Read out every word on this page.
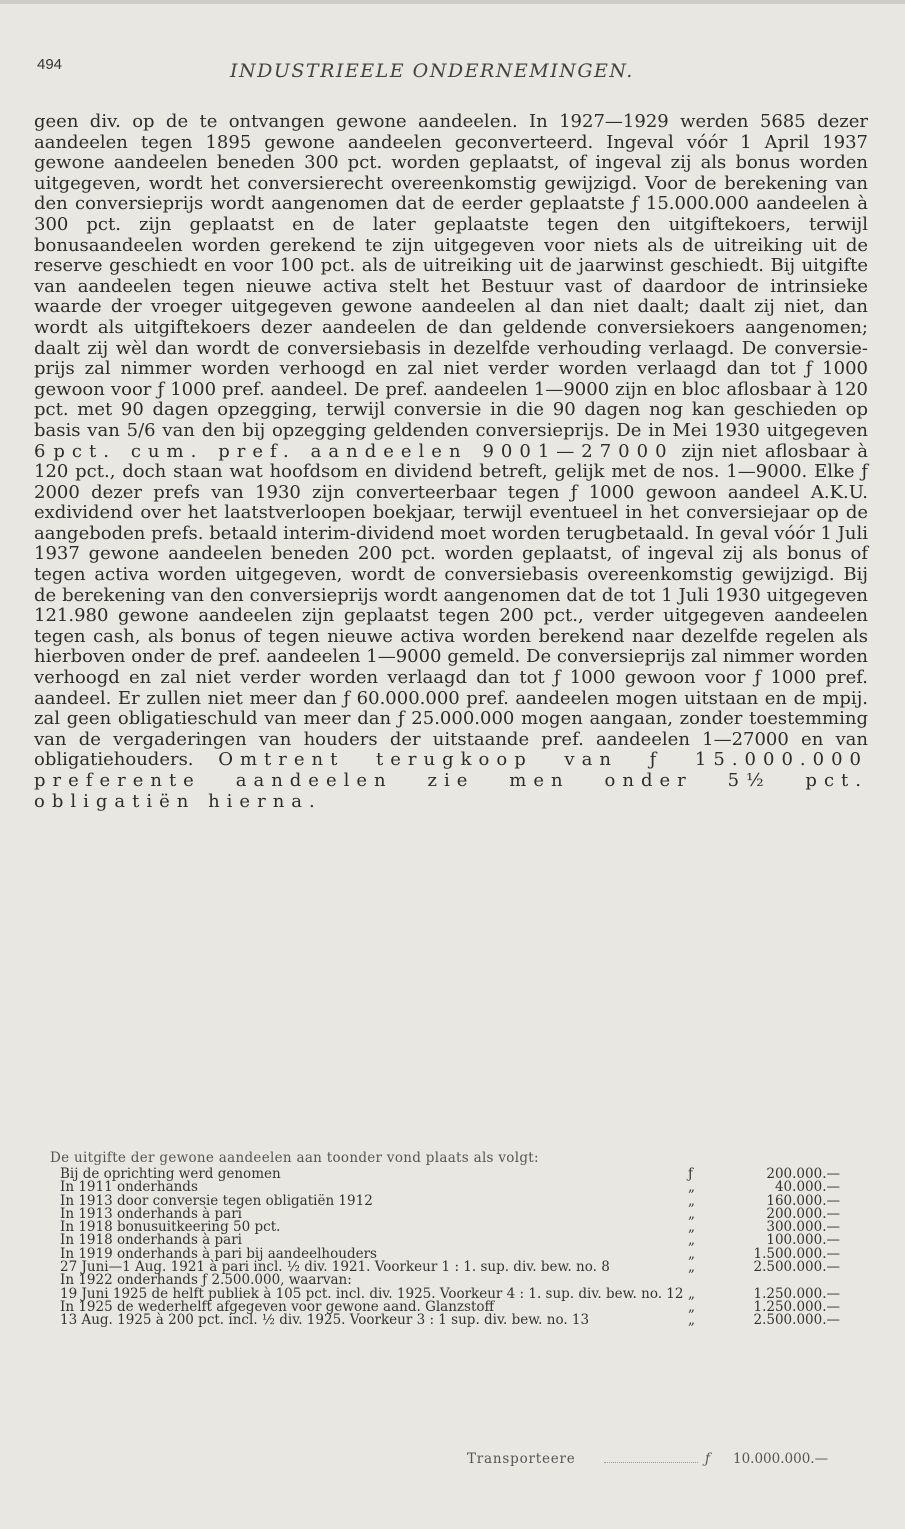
494	INDUSTRIEELE ONDERNEMINGEN.

geen div. op de te ontvangen gewone aandeelen. In 1927—1929 werden 5685 dezer aandeelen tegen 1895 gewone aandeelen geconverteerd. Ingeval vóór 1 April 1937 gewone aandeelen beneden 300 pct. worden geplaatst, of ingeval zij als bonus worden uitgegeven, wordt het conversierecht overeenkomstig gewijzigd. Voor de berekening van den conversieprijs wordt aangenomen dat de eerder geplaatste ƒ 15.000.000 aandeelen à 300 pct. zijn geplaatst en de later geplaatste tegen den uitgiftekoers, terwijl bonusaandeelen worden gerekend te zijn uitgegeven voor niets als de uitreiking uit de reserve geschiedt en voor 100 pct. als de uitreiking uit de jaarwinst geschiedt. Bij uitgifte van aandeelen tegen nieuwe activa stelt het Bestuur vast of daardoor de intrinsieke waarde der vroeger uitgegeven gewone aandeelen al dan niet daalt; daalt zij niet, dan wordt als uitgiftekoers dezer aandeelen de dan geldende conversiekoers aangenomen; daalt zij wèl dan wordt de conversiebasis in dezelfde verhouding verlaagd. De conversie-prijs zal nimmer worden verhoogd en zal niet verder worden verlaagd dan tot ƒ 1000 gewoon voor ƒ 1000 pref. aandeel. De pref. aandeelen 1—9000 zijn en bloc aflosbaar à 120 pct. met 90 dagen opzegging, terwijl conversie in die 90 dagen nog kan geschieden op basis van 5/6 van den bij opzegging geldenden conversieprijs. De in Mei 1930 uitgegeven 6 pct. cum. pref. aandeelen 9001—27000 zijn niet aflosbaar à 120 pct., doch staan wat hoofdsom en dividend betreft, gelijk met de nos. 1—9000. Elke ƒ 2000 dezer prefs van 1930 zijn converteerbaar tegen ƒ 1000 gewoon aandeel A.K.U. exdividend over het laatstverloopen boekjaar, terwijl eventueel in het conversiejaar op de aangeboden prefs. betaald interim-dividend moet worden terugbetaald. In geval vóór 1 Juli 1937 gewone aandeelen beneden 200 pct. worden geplaatst, of ingeval zij als bonus of tegen activa worden uitgegeven, wordt de conversiebasis overeenkomstig gewijzigd. Bij de berekening van den conversieprijs wordt aangenomen dat de tot 1 Juli 1930 uitgegeven 121.980 gewone aandeelen zijn geplaatst tegen 200 pct., verder uitgegeven aandeelen tegen cash, als bonus of tegen nieuwe activa worden berekend naar dezelfde regelen als hierboven onder de pref. aandeelen 1—9000 gemeld. De conversieprijs zal nimmer worden verhoogd en zal niet verder worden verlaagd dan tot ƒ 1000 gewoon voor ƒ 1000 pref. aandeel. Er zullen niet meer dan ƒ 60.000.000 pref. aandeelen mogen uitstaan en de mpij. zal geen obligatieschuld van meer dan ƒ 25.000.000 mogen aangaan, zonder toestemming van de vergaderingen van houders der uitstaande pref. aandeelen 1—27000 en van obligatiehouders. Omtrent terugkoop van ƒ 15.000.000 preferente aandeelen zie men onder 5½ pct. obligatiën hierna.

De uitgifte der gewone aandeelen aan toonder vond plaats als volgt:
Bij de oprichting werd genomen	ƒ	200.000.—
In 1911 onderhands	„	40.000.—
In 1913 door conversie tegen obligatiën 1912	„	160.000.—
In 1913 onderhands à pari	„	200.000.—
In 1918 bonusuitkeering 50 pct.	„	300.000.—
In 1918 onderhands à pari	„	100.000.—
In 1919 onderhands à pari bij aandeelhouders	„	1.500.000.—
27 Juni—1 Aug. 1921 à pari incl. ½ div. 1921. Voorkeur 1 : 1. sup. div. bew. no. 8	„	2.500.000.—
In 1922 onderhands ƒ 2.500.000, waarvan:		
19 Juni 1925 de helft publiek à 105 pct. incl. div. 1925. Voorkeur 4 : 1. sup. div. bew. no. 12	„	1.250.000.—
In 1925 de wederhelft afgegeven voor gewone aand. Glanzstoff	„	1.250.000.—
13 Aug. 1925 à 200 pct. incl. ½ div. 1925. Voorkeur 3 : 1 sup. div. bew. no. 13	„	2.500.000.—
Transporteere	ƒ 10.000.000.—
